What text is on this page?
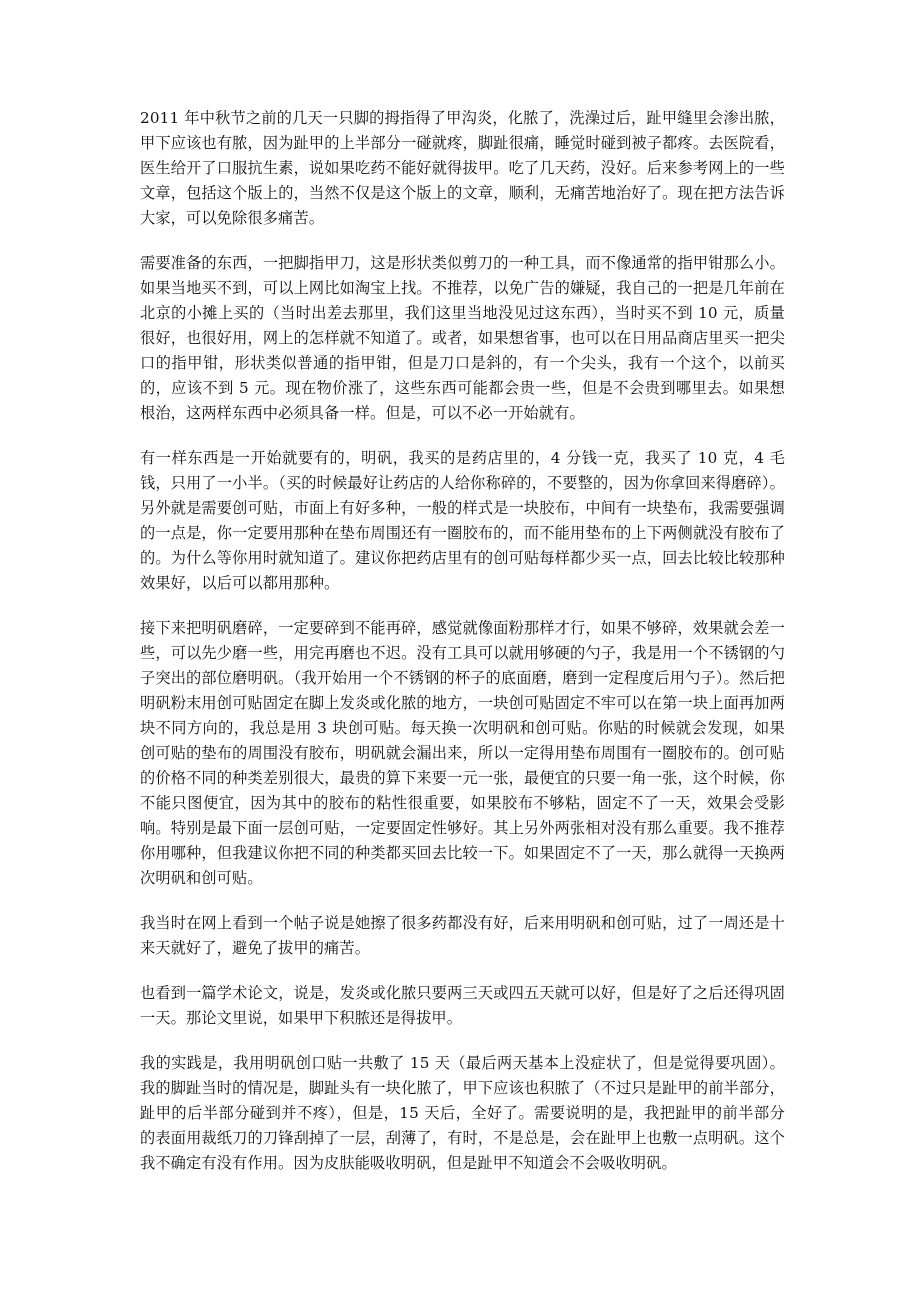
2011 年中秋节之前的几天一只脚的拇指得了甲沟炎，化脓了，洗澡过后，趾甲缝里会渗出脓，甲下应该也有脓，因为趾甲的上半部分一碰就疼，脚趾很痛，睡觉时碰到被子都疼。去医院看，医生给开了口服抗生素，说如果吃药不能好就得拔甲。吃了几天药，没好。后来参考网上的一些文章，包括这个版上的，当然不仅是这个版上的文章，顺利，无痛苦地治好了。现在把方法告诉大家，可以免除很多痛苦。

需要准备的东西，一把脚指甲刀，这是形状类似剪刀的一种工具，而不像通常的指甲钳那么小。如果当地买不到，可以上网比如淘宝上找。不推荐，以免广告的嫌疑，我自己的一把是几年前在北京的小摊上买的（当时出差去那里，我们这里当地没见过这东西），当时买不到 10 元，质量很好，也很好用，网上的怎样就不知道了。或者，如果想省事，也可以在日用品商店里买一把尖口的指甲钳，形状类似普通的指甲钳，但是刀口是斜的，有一个尖头，我有一个这个，以前买的，应该不到 5 元。现在物价涨了，这些东西可能都会贵一些，但是不会贵到哪里去。如果想根治，这两样东西中必须具备一样。但是，可以不必一开始就有。

有一样东西是一开始就要有的，明矾，我买的是药店里的，4 分钱一克，我买了 10 克，4 毛钱，只用了一小半。（买的时候最好让药店的人给你称碎的，不要整的，因为你拿回来得磨碎）。另外就是需要创可贴，市面上有好多种，一般的样式是一块胶布，中间有一块垫布，我需要强调的一点是，你一定要用那种在垫布周围还有一圈胶布的，而不能用垫布的上下两侧就没有胶布了的。为什么等你用时就知道了。建议你把药店里有的创可贴每样都少买一点，回去比较比较那种效果好，以后可以都用那种。

接下来把明矾磨碎，一定要碎到不能再碎，感觉就像面粉那样才行，如果不够碎，效果就会差一些，可以先少磨一些，用完再磨也不迟。没有工具可以就用够硬的勺子，我是用一个不锈钢的勺子突出的部位磨明矾。（我开始用一个不锈钢的杯子的底面磨，磨到一定程度后用勺子）。然后把明矾粉末用创可贴固定在脚上发炎或化脓的地方，一块创可贴固定不牢可以在第一块上面再加两块不同方向的，我总是用 3 块创可贴。每天换一次明矾和创可贴。你贴的时候就会发现，如果创可贴的垫布的周围没有胶布，明矾就会漏出来，所以一定得用垫布周围有一圈胶布的。创可贴的价格不同的种类差别很大，最贵的算下来要一元一张，最便宜的只要一角一张，这个时候，你不能只图便宜，因为其中的胶布的粘性很重要，如果胶布不够粘，固定不了一天，效果会受影响。特别是最下面一层创可贴，一定要固定性够好。其上另外两张相对没有那么重要。我不推荐你用哪种，但我建议你把不同的种类都买回去比较一下。如果固定不了一天，那么就得一天换两次明矾和创可贴。

我当时在网上看到一个帖子说是她擦了很多药都没有好，后来用明矾和创可贴，过了一周还是十来天就好了，避免了拔甲的痛苦。

也看到一篇学术论文，说是，发炎或化脓只要两三天或四五天就可以好，但是好了之后还得巩固一天。那论文里说，如果甲下积脓还是得拔甲。

我的实践是，我用明矾创口贴一共敷了 15 天（最后两天基本上没症状了，但是觉得要巩固）。我的脚趾当时的情况是，脚趾头有一块化脓了，甲下应该也积脓了（不过只是趾甲的前半部分，趾甲的后半部分碰到并不疼），但是，15 天后，全好了。需要说明的是，我把趾甲的前半部分的表面用裁纸刀的刀锋刮掉了一层，刮薄了，有时，不是总是，会在趾甲上也敷一点明矾。这个我不确定有没有作用。因为皮肤能吸收明矾，但是趾甲不知道会不会吸收明矾。
